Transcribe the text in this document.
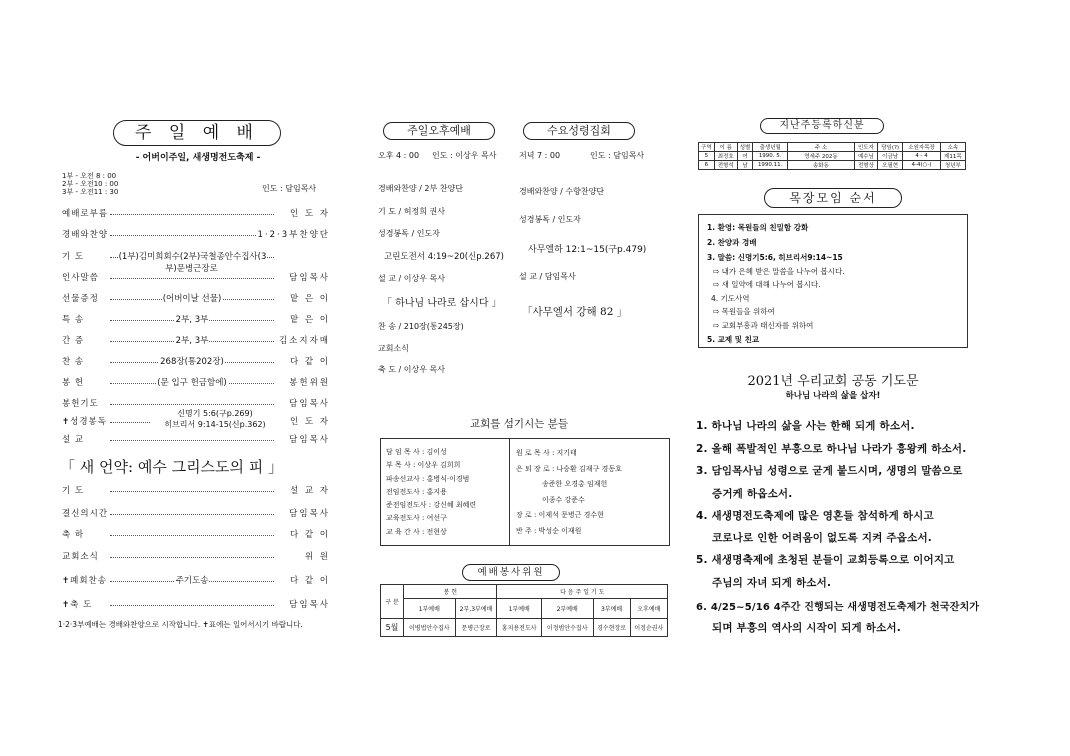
주 일 예 배
- 어버이주일, 새생명전도축제 -
1부 - 오전 8 : 00
2부 - 오전10 : 00
3부 - 오전11 : 30	인도 : 담임목사
예배로부름	인 도 자
경배와찬양	1·2·3부찬양단
기 도	(1부)김미희회수(2부)국철종안수집사(3부)문병근장로
인사말씀	담임목사
선물증정	(어버이날 선물)	맡 은 이
특 송	2부, 3부	맡 은 이
간 증	2부, 3부	김소지자매
찬 송	268장(통202장)	다 같 이
봉 헌	(문 입구 헌금함에)	봉헌위원
봉헌기도	담임목사
✝성경봉독	인 도 자
설 교	담임목사
신명기 5:6(구p.269)
히브리서 9:14-15(신p.362)
「 새 언약: 예수 그리스도의 피 」
기 도	설 교 자
결신의시간	담임목사
축 하	다 같 이
교회소식	위 원
✝폐회찬송	주기도송	다 같 이
✝축 도	담임목사
1·2·3부예배는 경배와찬양으로 시작합니다. ✝표에는 일어서시기 바랍니다.
주일오후예배	수요성령집회
오후 4 : 00 인도 : 이상우 목사	저녁 7 : 00	인도 : 담임목사
경배와찬양 / 2부 찬양단
기 도 / 허정희 권사
성경봉독 / 인도자
고린도전서 4:19~20(신p.267)
설 교 / 이상우 목사
「 하나님 나라로 삽시다 」
찬 송 / 210장(통245장)
교회소식
축 도 / 이상우 목사
경배와찬양 / 수향찬양단
성경봉독 / 인도자
사무엘하 12:1~15(구p.479)
설 교 / 담임목사
「사무엘서 강해 82 」
교회를 섬기시는 분들
담 임 목 사 : 김이성
부 목 사 : 이상우 김희희
파송선교사 : 홍병식·이경범
전임전도사 : 홍지용
준전임전도사 : 강신혜 최혜련
교육전도사 : 여선구
교 육 간 사 : 전현상
원 로 목 사 : 지기태
은 퇴 장 로 : 나승환 김재구 경동호
송준한 오경총 임재헌
이종수 강준수
장 로 : 이제석 문병근 경수현
반 주 : 박성순 이재원
예배봉사위원
구 분	봉 헌		다 음 주 일 기 도			
	1부예배	2부,3부예배	1부예배	2부예배	3부예배	오후예배
5월	이병법안수집사	문병근장로	홍지용전도사	이정범안수집사	경수현장로	이정순권사
지난주등록하신분
구역	이 름	성별	출생년월	주 소	인도자	담임(?)	소원자목장	소속
5	최정호	여	1990. 5.	영세주 202동	예수님	이금남	4 - 4	제11목
6	전형석	남	1990.11.	송화동	전형상	오필현	4-4(○-)	청년부
목장모임 순서
1. 환영: 목원들의 친밀함 강화
2. 찬양과 경배
3. 말씀: 신명기5:6, 히브리서9:14~15
⇨ 내가 은혜 받은 말씀을 나누어 봅시다.
⇨ 새 일약에 대해 나누어 봅시다.
4. 기도사역
⇨ 목원들을 위하여
⇨ 교회부흥과 태신자를 위하여
5. 교제 및 친교
2021년 우리교회 공동 기도문
하나님 나라의 삶을 삽자!
1. 하나님 나라의 삶을 사는 한해 되게 하소서.
2. 올해 폭발적인 부흥으로 하나님 나라가 흥왕케 하소서.
3. 담임목사님 성령으로 굳게 붙드시며, 생명의 말씀으로
증거케 하옵소서.
4. 새생명전도축제에 많은 영혼들 참석하게 하시고
코로나로 인한 어려움이 없도록 지켜 주옵소서.
5. 새생명축제에 초청된 분들이 교회등록으로 이어지고
주님의 자녀 되게 하소서.
6. 4/25~5/16 4주간 진행되는 새생명전도축제가 천국잔치가
되며 부흥의 역사의 시작이 되게 하소서.
